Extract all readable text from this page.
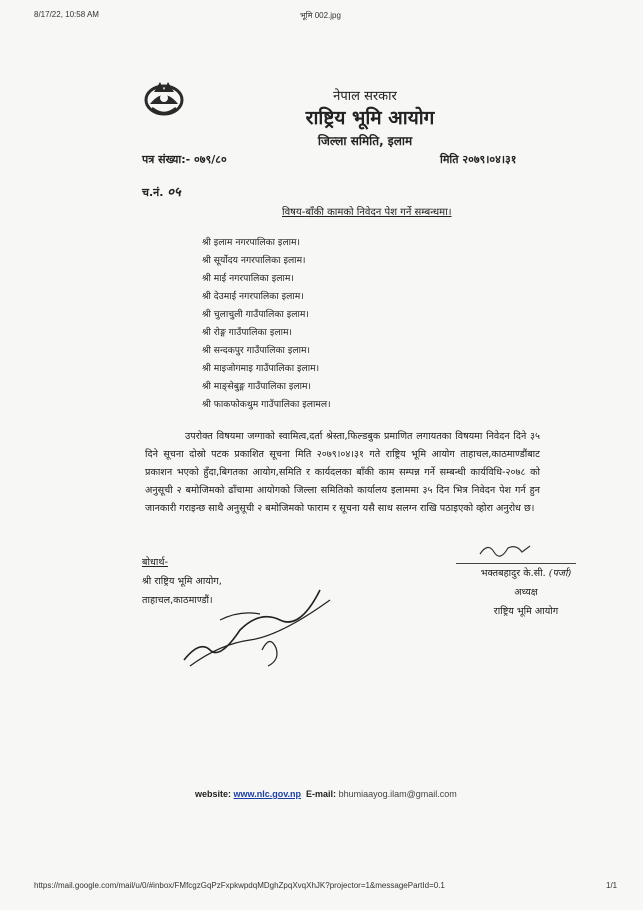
8/17/22, 10:58 AM	भूमि 002.jpg
नेपाल सरकार
राष्ट्रिय भूमि आयोग
जिल्ला समिति, इलाम
पत्र संख्या:- ०७९/८०	मिति २०७९।०४।३१
च.नं. ०५
विषय-बाँकी कामको निवेदन पेश गर्ने सम्बन्धमा।
श्री इलाम नगरपालिका इलाम।
श्री सूर्योदय नगरपालिका इलाम।
श्री माई नगरपालिका इलाम।
श्री देउमाई नगरपालिका इलाम।
श्री चुलाचुली गाउँपालिका इलाम।
श्री रोङ्ग गाउँपालिका इलाम।
श्री सन्दकपुर गाउँपालिका इलाम।
श्री माइजोगमाइ गाउँपालिका इलाम।
श्री माङ्सेबुङ्ग गाउँपालिका इलाम।
श्री फाकफोकथुम गाउँपालिका इलामल।

उपरोक्त विषयमा जग्गाको स्वामित्व,दर्ता श्रेस्ता,फिल्डबुक प्रमाणित लगायतका विषयमा निवेदन दिने ३५ दिने सूचना दोस्रो पटक प्रकाशित सूचना मिति २०७९।०४।३१ गते राष्ट्रिय भूमि आयोग ताहाचल,काठमाण्डौंबाट प्रकाशन भएको हुँदा,बिगतका आयोग,समिति र कार्यदलका बाँकी काम सम्पन्न गर्ने सम्बन्धी कार्यविधि-२०७८ को अनुसूची २ बमोजिमको ढाँचामा आयोगको जिल्ला समितिको कार्यालय इलाममा ३५ दिन भित्र निवेदन पेश गर्न हुन जानकारी गराइन्छ साथै अनुसूची २ बमोजिमको फाराम र सूचना यसै साथ सलग्न राखि पठाइएको व्होरा अनुरोध छ।

बोधार्थ-
श्री राष्ट्रिय भूमि आयोग,
ताहाचल,काठमाण्डौं।
भक्तबहादुर के.सी. (पर्जा)
अध्यक्ष
राष्ट्रिय भूमि आयोग
website: www.nlc.gov.np E-mail: bhumiaayog.ilam@gmail.com
https://mail.google.com/mail/u/0/#inbox/FMfcgzGqPzFxpkwpdqMDghZpqXvqXhJK?projector=1&messagePartId=0.1	1/1
